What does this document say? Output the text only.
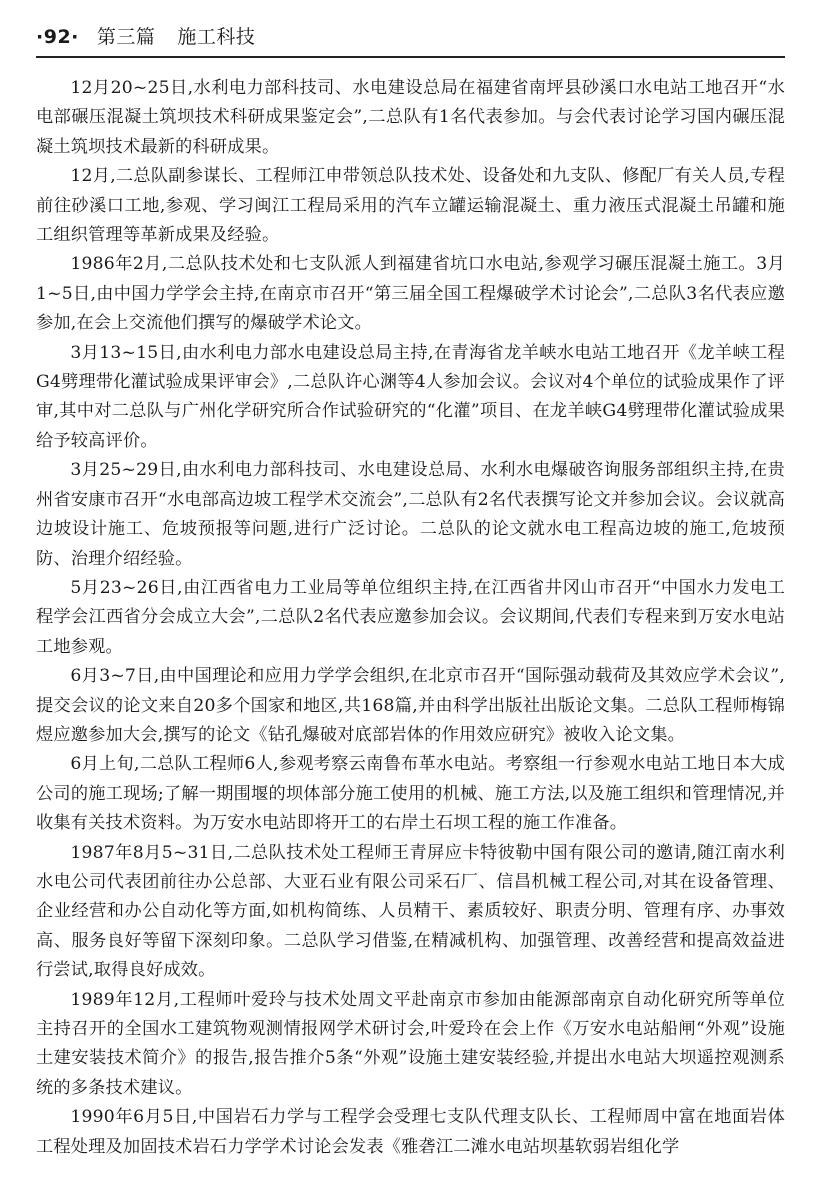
·92· 第三篇 施工科技

12月20~25日,水利电力部科技司、水电建设总局在福建省南坪县砂溪口水电站工地召开“水电部碾压混凝土筑坝技术科研成果鉴定会”,二总队有1名代表参加。与会代表讨论学习国内碾压混凝土筑坝技术最新的科研成果。

12月,二总队副参谋长、工程师江申带领总队技术处、设备处和九支队、修配厂有关人员,专程前往砂溪口工地,参观、学习闽江工程局采用的汽车立罐运输混凝土、重力液压式混凝土吊罐和施工组织管理等革新成果及经验。

1986年2月,二总队技术处和七支队派人到福建省坑口水电站,参观学习碾压混凝土施工。3月1~5日,由中国力学学会主持,在南京市召开“第三届全国工程爆破学术讨论会”,二总队3名代表应邀参加,在会上交流他们撰写的爆破学术论文。

3月13~15日,由水利电力部水电建设总局主持,在青海省龙羊峡水电站工地召开《龙羊峡工程G4劈理带化灌试验成果评审会》,二总队许心渊等4人参加会议。会议对4个单位的试验成果作了评审,其中对二总队与广州化学研究所合作试验研究的“化灌”项目、在龙羊峡G4劈理带化灌试验成果给予较高评价。

3月25~29日,由水利电力部科技司、水电建设总局、水利水电爆破咨询服务部组织主持,在贵州省安康市召开“水电部高边坡工程学术交流会”,二总队有2名代表撰写论文并参加会议。会议就高边坡设计施工、危坡预报等问题,进行广泛讨论。二总队的论文就水电工程高边坡的施工,危坡预防、治理介绍经验。

5月23~26日,由江西省电力工业局等单位组织主持,在江西省井冈山市召开“中国水力发电工程学会江西省分会成立大会”,二总队2名代表应邀参加会议。会议期间,代表们专程来到万安水电站工地参观。

6月3~7日,由中国理论和应用力学学会组织,在北京市召开“国际强动载荷及其效应学术会议”,提交会议的论文来自20多个国家和地区,共168篇,并由科学出版社出版论文集。二总队工程师梅锦煜应邀参加大会,撰写的论文《钻孔爆破对底部岩体的作用效应研究》被收入论文集。

6月上旬,二总队工程师6人,参观考察云南鲁布革水电站。考察组一行参观水电站工地日本大成公司的施工现场;了解一期围堰的坝体部分施工使用的机械、施工方法,以及施工组织和管理情况,并收集有关技术资料。为万安水电站即将开工的右岸土石坝工程的施工作准备。

1987年8月5~31日,二总队技术处工程师王青屏应卡特彼勒中国有限公司的邀请,随江南水利水电公司代表团前往办公总部、大亚石业有限公司采石厂、信昌机械工程公司,对其在设备管理、企业经营和办公自动化等方面,如机构简练、人员精干、素质较好、职责分明、管理有序、办事效高、服务良好等留下深刻印象。二总队学习借鉴,在精减机构、加强管理、改善经营和提高效益进行尝试,取得良好成效。

1989年12月,工程师叶爱玲与技术处周文平赴南京市参加由能源部南京自动化研究所等单位主持召开的全国水工建筑物观测情报网学术研讨会,叶爱玲在会上作《万安水电站船闸“外观”设施土建安装技术简介》的报告,报告推介5条“外观”设施土建安装经验,并提出水电站大坝遥控观测系统的多条技术建议。

1990年6月5日,中国岩石力学与工程学会受理七支队代理支队长、工程师周中富在地面岩体工程处理及加固技术岩石力学学术讨论会发表《雅砻江二滩水电站坝基软弱岩组化学
